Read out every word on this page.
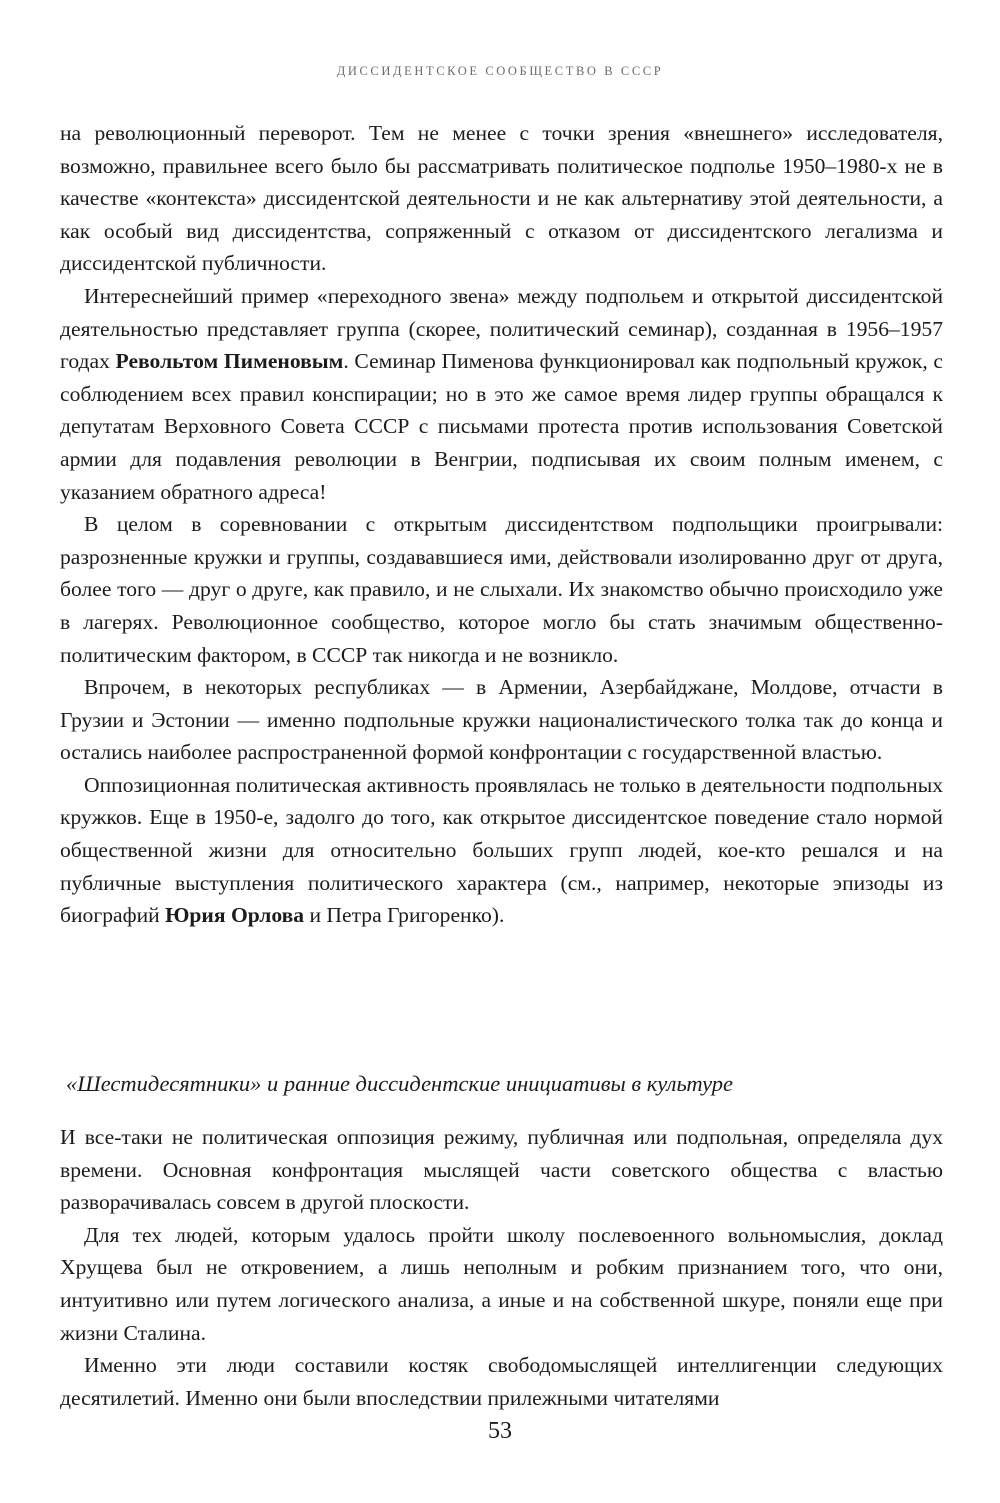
ДИССИДЕНТСКОЕ СООБЩЕСТВО В СССР

на революционный переворот. Тем не менее с точки зрения «внешнего» исследователя, возможно, правильнее всего было бы рассматривать политическое подполье 1950–1980-х не в качестве «контекста» диссидентской деятельности и не как альтернативу этой деятельности, а как особый вид диссидентства, сопряженный с отказом от диссидентского легализма и диссидентской публичности.

Интереснейший пример «переходного звена» между подпольем и открытой диссидентской деятельностью представляет группа (скорее, политический семинар), созданная в 1956–1957 годах Револьтом Пименовым. Семинар Пименова функционировал как подпольный кружок, с соблюдением всех правил конспирации; но в это же самое время лидер группы обращался к депутатам Верховного Совета СССР с письмами протеста против использования Советской армии для подавления революции в Венгрии, подписывая их своим полным именем, с указанием обратного адреса!

В целом в соревновании с открытым диссидентством подпольщики проигрывали: разрозненные кружки и группы, создававшиеся ими, действовали изолированно друг от друга, более того — друг о друге, как правило, и не слыхали. Их знакомство обычно происходило уже в лагерях. Революционное сообщество, которое могло бы стать значимым общественно-политическим фактором, в СССР так никогда и не возникло.

Впрочем, в некоторых республиках — в Армении, Азербайджане, Молдове, отчасти в Грузии и Эстонии — именно подпольные кружки националистического толка так до конца и остались наиболее распространенной формой конфронтации с государственной властью.

Оппозиционная политическая активность проявлялась не только в деятельности подпольных кружков. Еще в 1950-е, задолго до того, как открытое диссидентское поведение стало нормой общественной жизни для относительно больших групп людей, кое-кто решался и на публичные выступления политического характера (см., например, некоторые эпизоды из биографий Юрия Орлова и Петра Григоренко).

«Шестидесятники» и ранние диссидентские инициативы в культуре

И все-таки не политическая оппозиция режиму, публичная или подпольная, определяла дух времени. Основная конфронтация мыслящей части советского общества с властью разворачивалась совсем в другой плоскости.

Для тех людей, которым удалось пройти школу послевоенного вольномыслия, доклад Хрущева был не откровением, а лишь неполным и робким признанием того, что они, интуитивно или путем логического анализа, а иные и на собственной шкуре, поняли еще при жизни Сталина.

Именно эти люди составили костяк свободомыслящей интеллигенции следующих десятилетий. Именно они были впоследствии прилежными читателями

53
